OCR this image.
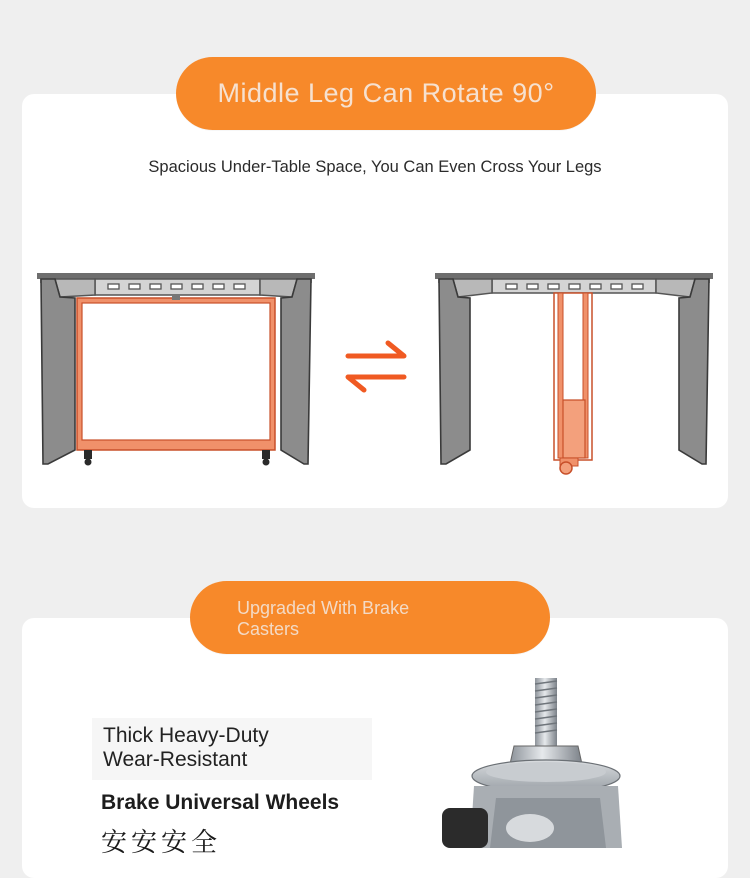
Spacious Under-Table Space, You Can Even Cross Your Legs
Middle Leg Can Rotate 90°
Upgraded With Brake Casters
Thick Heavy-Duty
Wear-Resistant
Brake Universal Wheels
安安安全
